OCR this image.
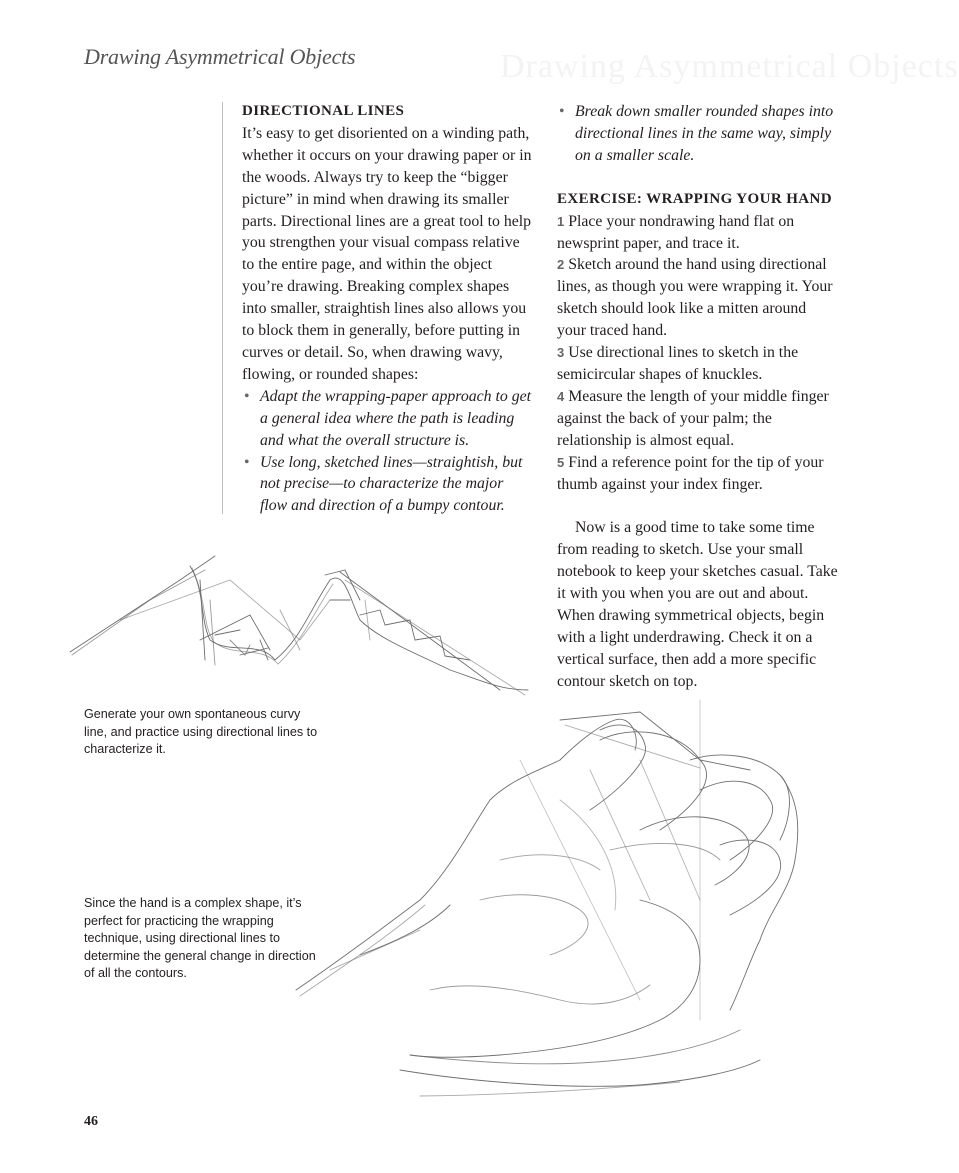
Drawing Asymmetrical Objects
Drawing Asymmetrical Objects
DIRECTIONAL LINES

It’s easy to get disoriented on a winding path, whether it occurs on your drawing paper or in the woods. Always try to keep the “bigger picture” in mind when drawing its smaller parts. Directional lines are a great tool to help you strengthen your visual compass relative to the entire page, and within the object you’re drawing. Breaking complex shapes into smaller, straightish lines also allows you to block them in generally, before putting in curves or detail. So, when drawing wavy, flowing, or rounded shapes:

• Adapt the wrapping-paper approach to get a general idea where the path is leading and what the overall structure is.
• Use long, sketched lines—straightish, but not precise—to characterize the major flow and direction of a bumpy contour.
• Break down smaller rounded shapes into directional lines in the same way, simply on a smaller scale.
EXERCISE: WRAPPING YOUR HAND

1 Place your nondrawing hand flat on newsprint paper, and trace it.

2 Sketch around the hand using directional lines, as though you were wrapping it. Your sketch should look like a mitten around your traced hand.

3 Use directional lines to sketch in the semicircular shapes of knuckles.

4 Measure the length of your middle finger against the back of your palm; the relationship is almost equal.

5 Find a reference point for the tip of your thumb against your index finger.

Now is a good time to take some time from reading to sketch. Use your small notebook to keep your sketches casual. Take it with you when you are out and about. When drawing symmetrical objects, begin with a light underdrawing. Check it on a vertical surface, then add a more specific contour sketch on top.

Generate your own spontaneous curvy line, and practice using directional lines to characterize it.
Since the hand is a complex shape, it’s perfect for practicing the wrapping technique, using directional lines to determine the general change in direction of all the contours.
46
